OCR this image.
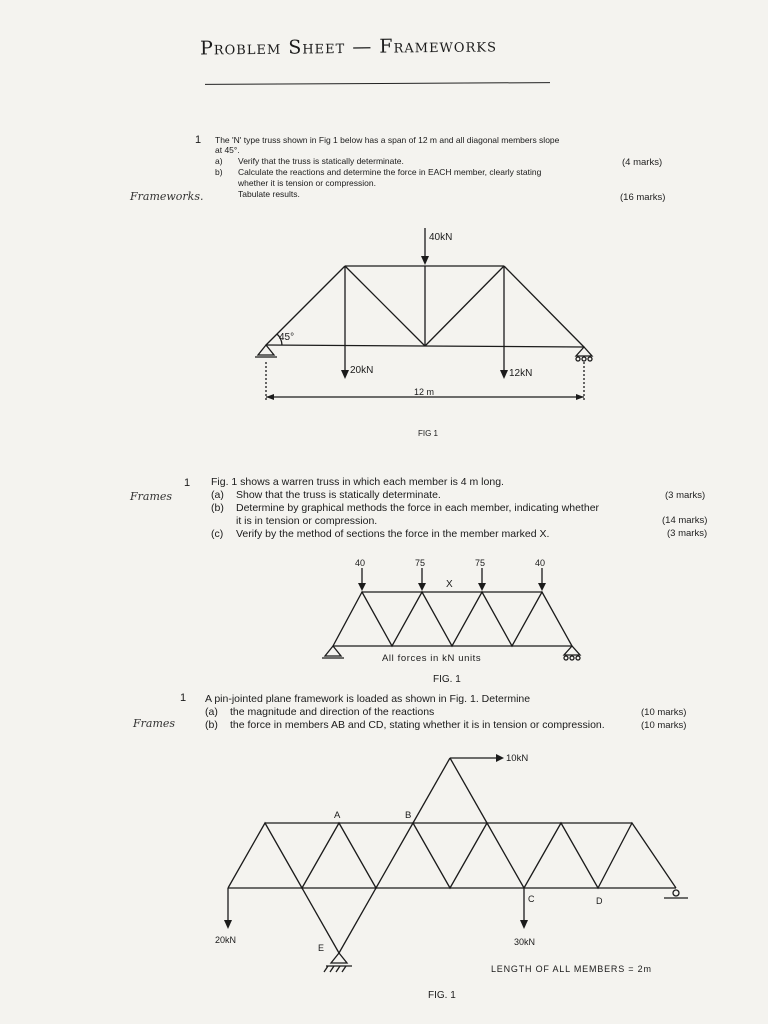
Problem Sheet — Frameworks
1 The 'N' type truss shown in Fig 1 below has a span of 12 m and all diagonal members slope
at 45°.
a) Verify that the truss is statically determinate.	(4 marks)
b) Calculate the reactions and determine the force in EACH member, clearly stating
whether it is tension or compression.
Tabulate results.	(16 marks)
Frameworks.
40kN
45°
20kN	12kN
12 m
FIG 1
1 Fig. 1 shows a warren truss in which each member is 4 m long.
Frames	(a) Show that the truss is statically determinate.	(3 marks)
(b) Determine by graphical methods the force in each member, indicating whether
it is in tension or compression.	(14 marks)
(c) Verify by the method of sections the force in the member marked X.	(3 marks)
40	75	75	40
X
All forces in kN units
FIG. 1
1 A pin-jointed plane framework is loaded as shown in Fig. 1. Determine
(a) the magnitude and direction of the reactions	(10 marks)
Frames	(b) the force in members AB and CD, stating whether it is in tension or compression.	(10 marks)
10kN
A	B
C	D
E
20kN	30kN
LENGTH OF ALL MEMBERS = 2m
FIG. 1
